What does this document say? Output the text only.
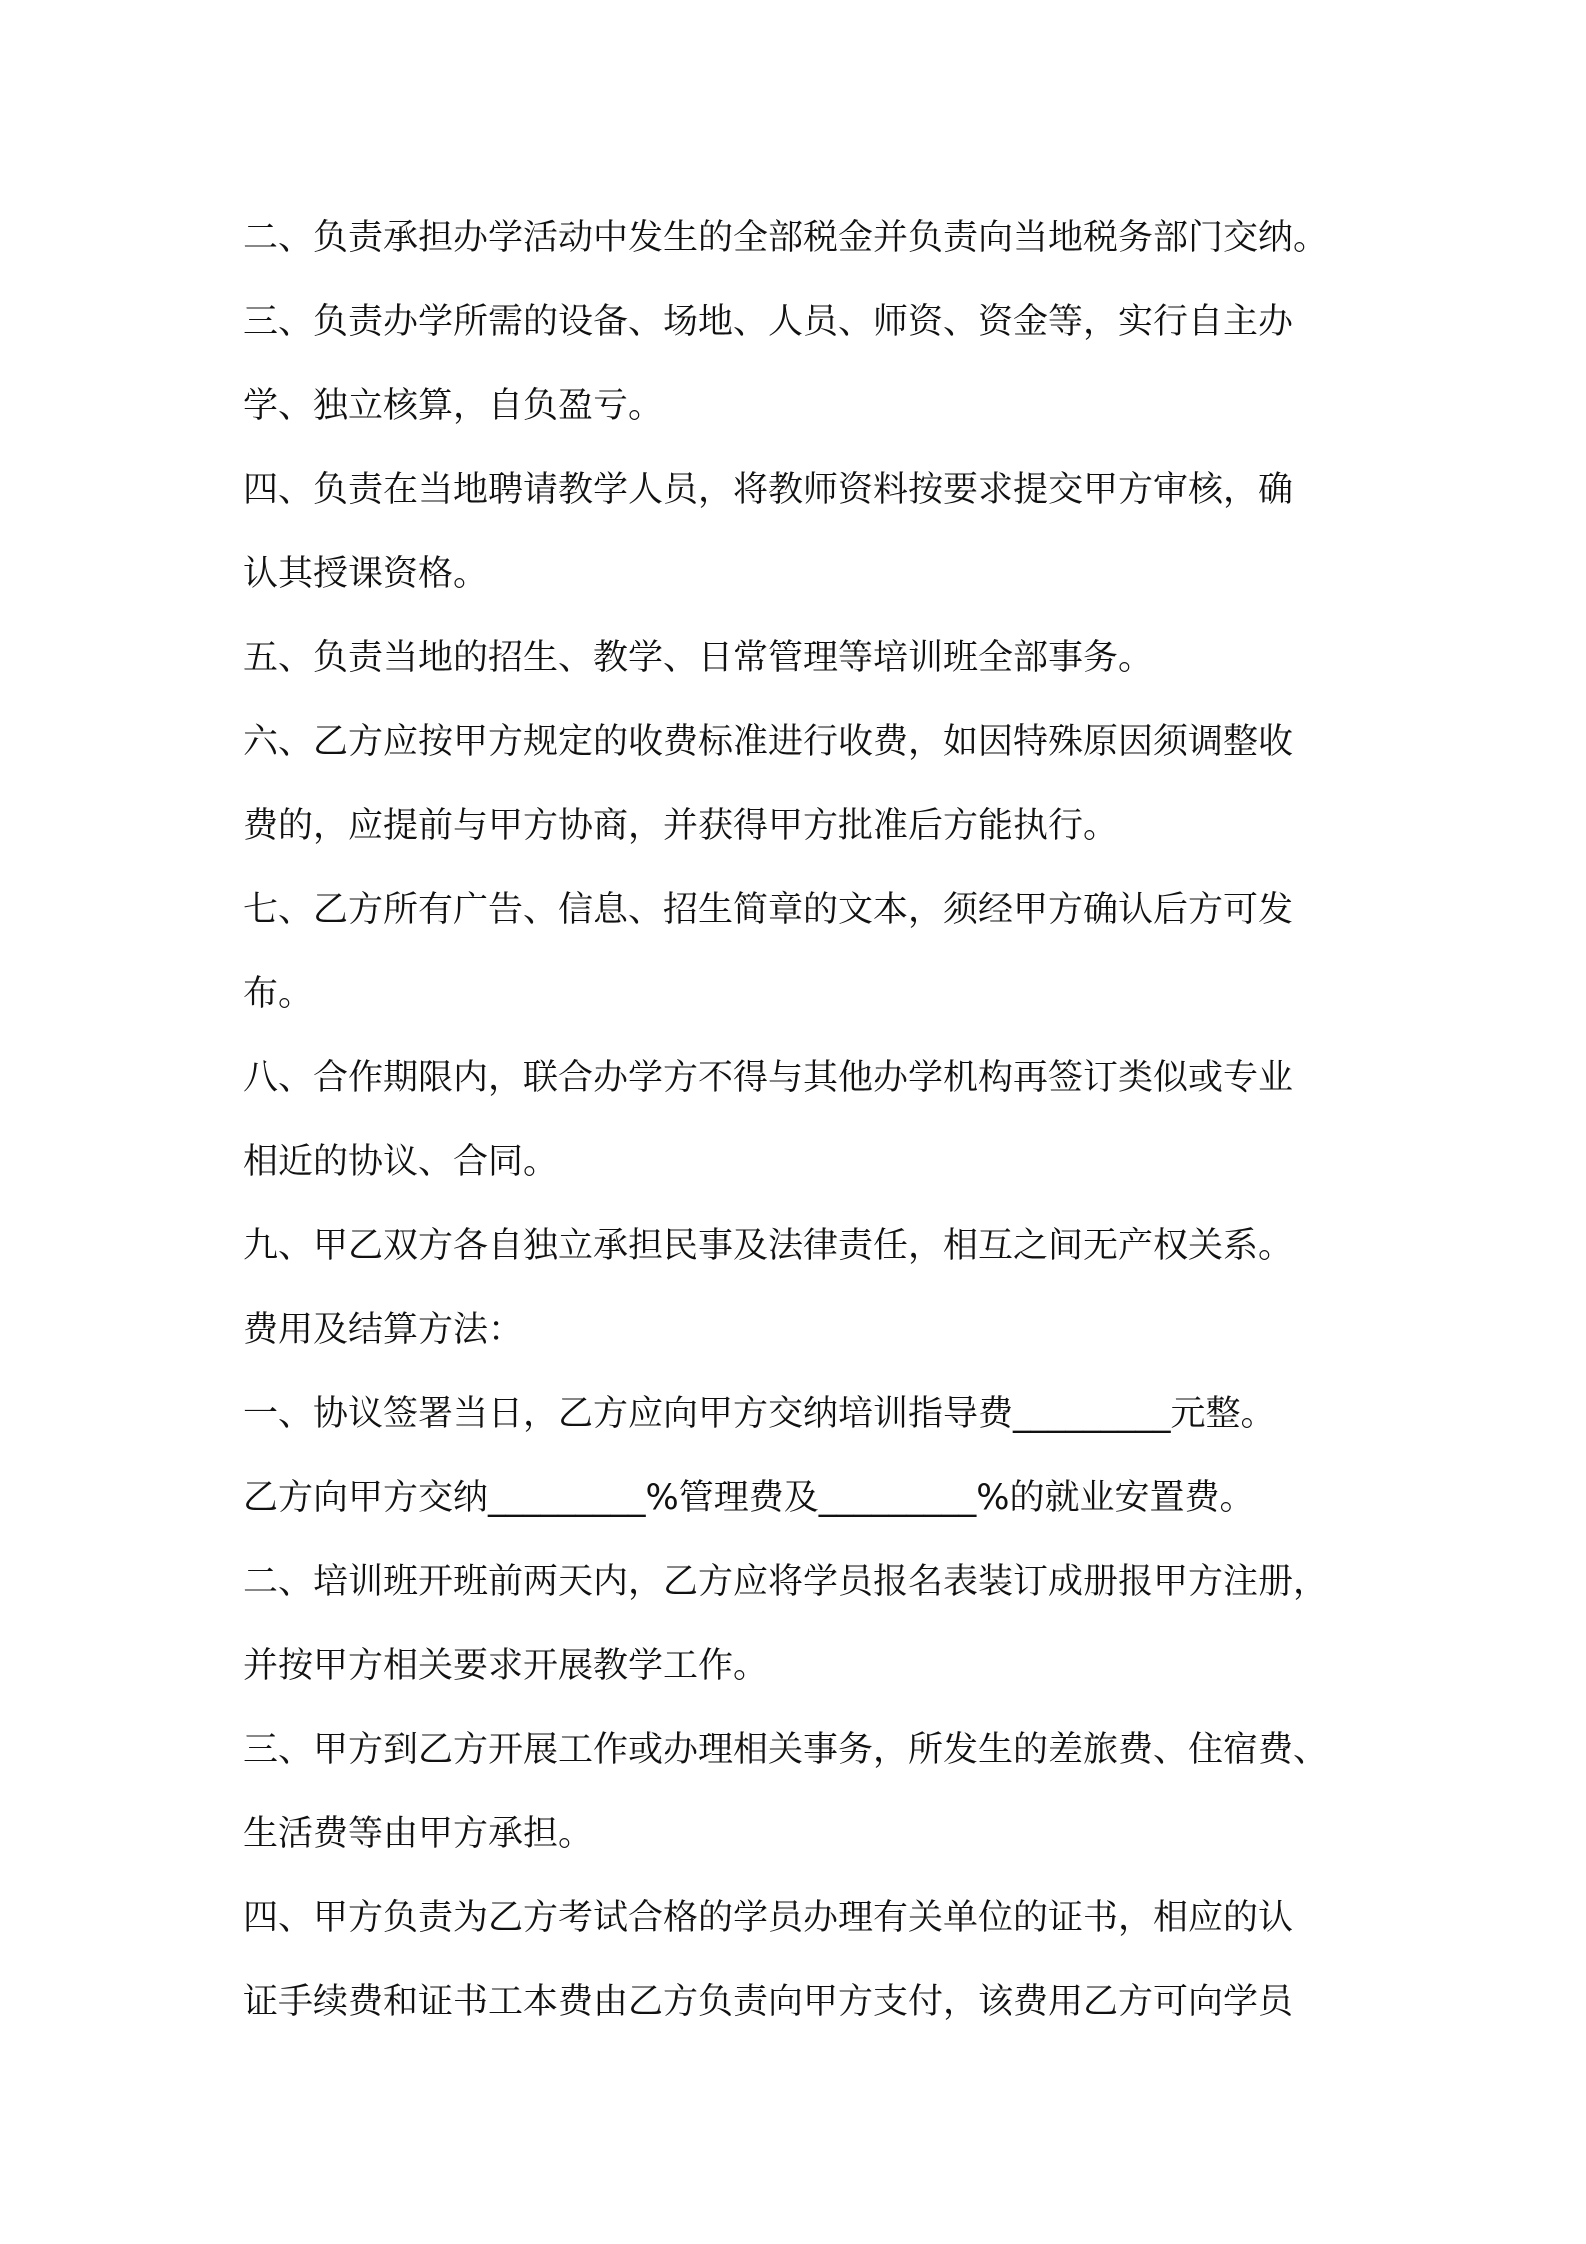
二、负责承担办学活动中发生的全部税金并负责向当地税务部门交纳。

三、负责办学所需的设备、场地、人员、师资、资金等，实行自主办

学、独立核算，自负盈亏。

四、负责在当地聘请教学人员，将教师资料按要求提交甲方审核，确

认其授课资格。

五、负责当地的招生、教学、日常管理等培训班全部事务。

六、乙方应按甲方规定的收费标准进行收费，如因特殊原因须调整收

费的，应提前与甲方协商，并获得甲方批准后方能执行。

七、乙方所有广告、信息、招生简章的文本，须经甲方确认后方可发

布。

八、合作期限内，联合办学方不得与其他办学机构再签订类似或专业

相近的协议、合同。

九、甲乙双方各自独立承担民事及法律责任，相互之间无产权关系。

费用及结算方法：

一、协议签署当日，乙方应向甲方交纳培训指导费_________元整。

乙方向甲方交纳_________%管理费及_________%的就业安置费。

二、培训班开班前两天内，乙方应将学员报名表装订成册报甲方注册，

并按甲方相关要求开展教学工作。

三、甲方到乙方开展工作或办理相关事务，所发生的差旅费、住宿费、

生活费等由甲方承担。

四、甲方负责为乙方考试合格的学员办理有关单位的证书，相应的认

证手续费和证书工本费由乙方负责向甲方支付，该费用乙方可向学员
